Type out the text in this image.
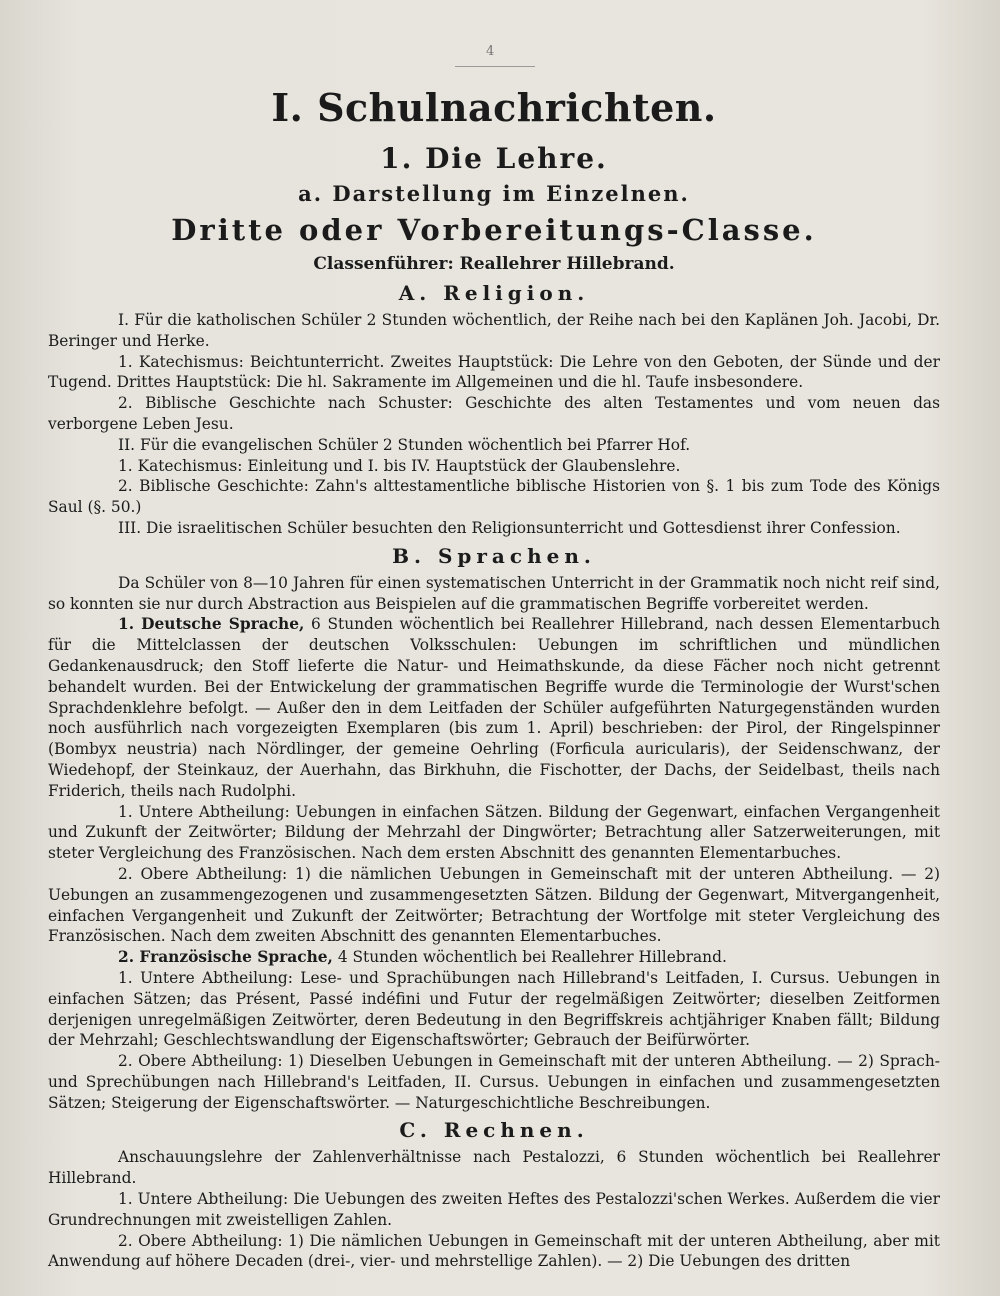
4
I. Schulnachrichten.
1. Die Lehre.
a. Darstellung im Einzelnen.
Dritte oder Vorbereitungs-Classe.
Classenführer: Reallehrer Hillebrand.
A. Religion.

I. Für die katholischen Schüler 2 Stunden wöchentlich, der Reihe nach bei den Kaplänen Joh. Jacobi, Dr. Beringer und Herke.

1. Katechismus: Beichtunterricht. Zweites Hauptstück: Die Lehre von den Geboten, der Sünde und der Tugend. Drittes Hauptstück: Die hl. Sakramente im Allgemeinen und die hl. Taufe insbesondere.

2. Biblische Geschichte nach Schuster: Geschichte des alten Testamentes und vom neuen das verborgene Leben Jesu.

II. Für die evangelischen Schüler 2 Stunden wöchentlich bei Pfarrer Hof.

1. Katechismus: Einleitung und I. bis IV. Hauptstück der Glaubenslehre.

2. Biblische Geschichte: Zahn's alttestamentliche biblische Historien von §. 1 bis zum Tode des Königs Saul (§. 50.)

III. Die israelitischen Schüler besuchten den Religionsunterricht und Gottesdienst ihrer Confession.

B. Sprachen.

Da Schüler von 8—10 Jahren für einen systematischen Unterricht in der Grammatik noch nicht reif sind, so konnten sie nur durch Abstraction aus Beispielen auf die grammatischen Begriffe vorbereitet werden.

1. Deutsche Sprache, 6 Stunden wöchentlich bei Reallehrer Hillebrand, nach dessen Elementarbuch für die Mittelclassen der deutschen Volksschulen: Uebungen im schriftlichen und mündlichen Gedankenausdruck; den Stoff lieferte die Natur- und Heimathskunde, da diese Fächer noch nicht getrennt behandelt wurden. Bei der Entwickelung der grammatischen Begriffe wurde die Terminologie der Wurst'schen Sprachdenklehre befolgt. — Außer den in dem Leitfaden der Schüler aufgeführten Naturgegenständen wurden noch ausführlich nach vorgezeigten Exemplaren (bis zum 1. April) beschrieben: der Pirol, der Ringelspinner (Bombyx neustria) nach Nördlinger, der gemeine Oehrling (Forficula auricularis), der Seidenschwanz, der Wiedehopf, der Steinkauz, der Auerhahn, das Birkhuhn, die Fischotter, der Dachs, der Seidelbast, theils nach Friderich, theils nach Rudolphi.

1. Untere Abtheilung: Uebungen in einfachen Sätzen. Bildung der Gegenwart, einfachen Vergangenheit und Zukunft der Zeitwörter; Bildung der Mehrzahl der Dingwörter; Betrachtung aller Satzerweiterungen, mit steter Vergleichung des Französischen. Nach dem ersten Abschnitt des genannten Elementarbuches.

2. Obere Abtheilung: 1) die nämlichen Uebungen in Gemeinschaft mit der unteren Abtheilung. — 2) Uebungen an zusammengezogenen und zusammengesetzten Sätzen. Bildung der Gegenwart, Mitvergangenheit, einfachen Vergangenheit und Zukunft der Zeitwörter; Betrachtung der Wortfolge mit steter Vergleichung des Französischen. Nach dem zweiten Abschnitt des genannten Elementarbuches.

2. Französische Sprache, 4 Stunden wöchentlich bei Reallehrer Hillebrand.

1. Untere Abtheilung: Lese- und Sprachübungen nach Hillebrand's Leitfaden, I. Cursus. Uebungen in einfachen Sätzen; das Présent, Passé indéfini und Futur der regelmäßigen Zeitwörter; dieselben Zeitformen derjenigen unregelmäßigen Zeitwörter, deren Bedeutung in den Begriffskreis achtjähriger Knaben fällt; Bildung der Mehrzahl; Geschlechtswandlung der Eigenschaftswörter; Gebrauch der Beifürwörter.

2. Obere Abtheilung: 1) Dieselben Uebungen in Gemeinschaft mit der unteren Abtheilung. — 2) Sprach- und Sprechübungen nach Hillebrand's Leitfaden, II. Cursus. Uebungen in einfachen und zusammengesetzten Sätzen; Steigerung der Eigenschaftswörter. — Naturgeschichtliche Beschreibungen.

C. Rechnen.

Anschauungslehre der Zahlenverhältnisse nach Pestalozzi, 6 Stunden wöchentlich bei Reallehrer Hillebrand.

1. Untere Abtheilung: Die Uebungen des zweiten Heftes des Pestalozzi'schen Werkes. Außerdem die vier Grundrechnungen mit zweistelligen Zahlen.

2. Obere Abtheilung: 1) Die nämlichen Uebungen in Gemeinschaft mit der unteren Abtheilung, aber mit Anwendung auf höhere Decaden (drei-, vier- und mehrstellige Zahlen). — 2) Die Uebungen des dritten
